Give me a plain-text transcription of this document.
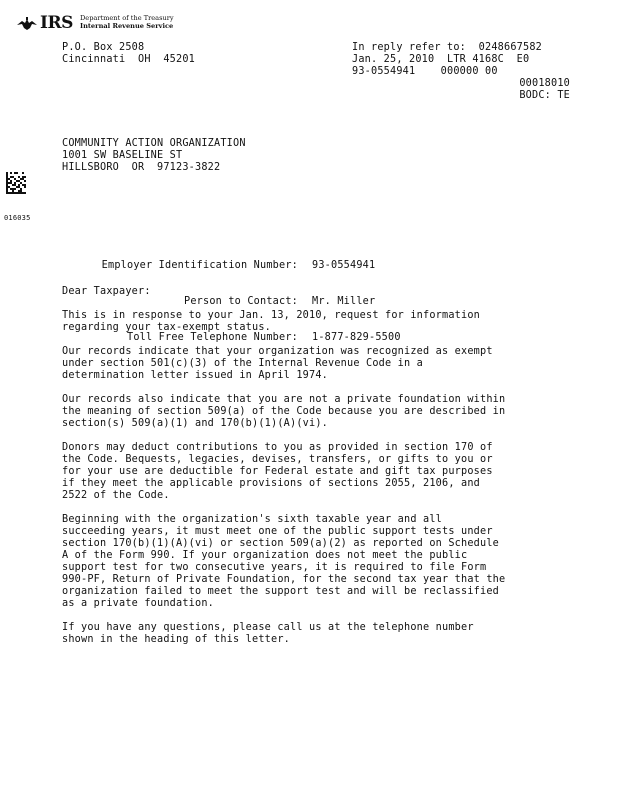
IRS Department of the Treasury
Internal Revenue Service
P.O. Box 2508
Cincinnati  OH  45201
In reply refer to:  0248667582
Jan. 25, 2010  LTR 4168C  E0
93-0554941    000000 00
00018010
BODC: TE
COMMUNITY ACTION ORGANIZATION
1001 SW BASELINE ST
HILLSBORO  OR  97123-3822
016035

Employer Identification Number:	93-0554941

Person to Contact:	Mr. Miller

Toll Free Telephone Number:	1-877-829-5500

Dear Taxpayer:
This is in response to your Jan. 13, 2010, request for information
regarding your tax-exempt status.
Our records indicate that your organization was recognized as exempt
under section 501(c)(3) of the Internal Revenue Code in a
determination letter issued in April 1974.
Our records also indicate that you are not a private foundation within
the meaning of section 509(a) of the Code because you are described in
section(s) 509(a)(1) and 170(b)(1)(A)(vi).
Donors may deduct contributions to you as provided in section 170 of
the Code. Bequests, legacies, devises, transfers, or gifts to you or
for your use are deductible for Federal estate and gift tax purposes
if they meet the applicable provisions of sections 2055, 2106, and
2522 of the Code.
Beginning with the organization's sixth taxable year and all
succeeding years, it must meet one of the public support tests under
section 170(b)(1)(A)(vi) or section 509(a)(2) as reported on Schedule
A of the Form 990. If your organization does not meet the public
support test for two consecutive years, it is required to file Form
990-PF, Return of Private Foundation, for the second tax year that the
organization failed to meet the support test and will be reclassified
as a private foundation.
If you have any questions, please call us at the telephone number
shown in the heading of this letter.
